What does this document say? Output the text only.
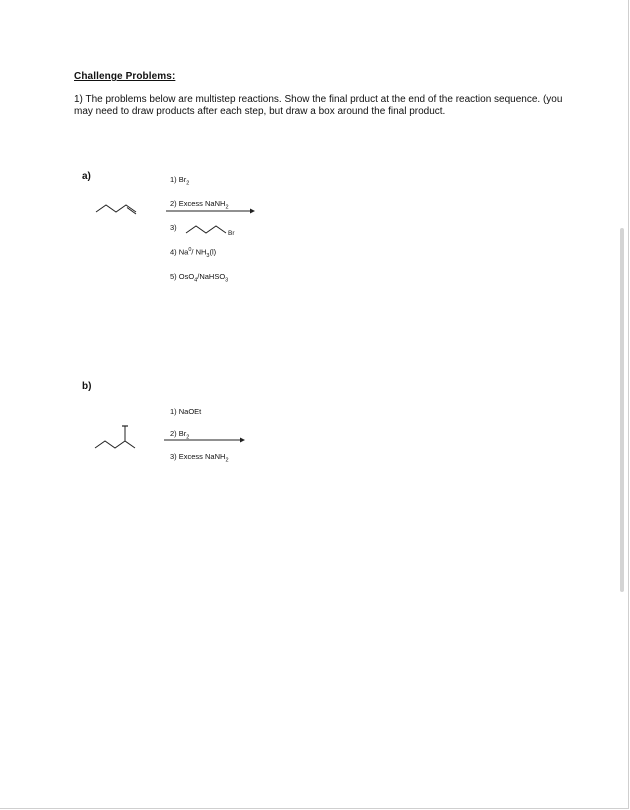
Challenge Problems:
1) The problems below are multistep reactions. Show the final prduct at the end of the reaction sequence. (you may need to draw products after each step, but draw a box around the final product.
a)	1) $Br_2$
2) Excess NaNH$_2$
3)
Br
4) Na$^0$/ $NH_3(l)$
5) OsO$_4$/NaHSO$_3$
b)
1) NaOEt
2) $Br_2$
3) Excess NaNH$_2$
